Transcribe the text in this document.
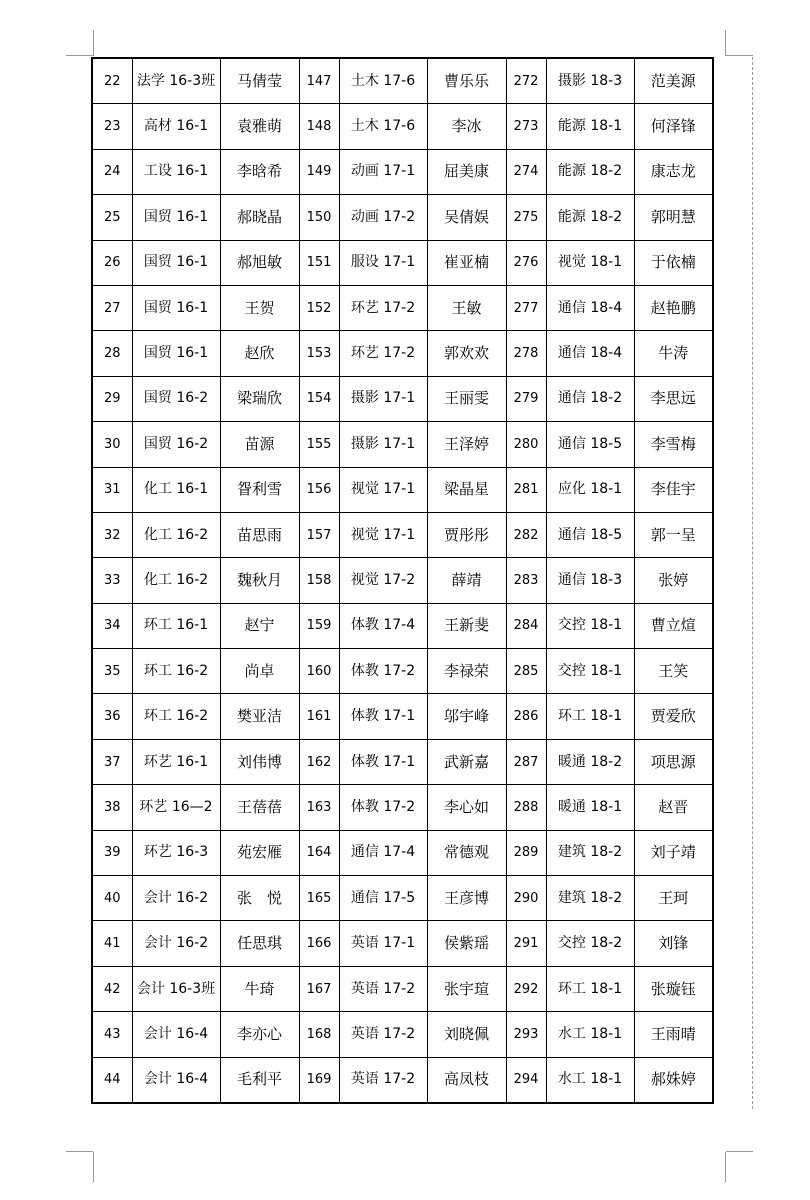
22	法学 16-3班	马倩莹	147	土木 17-6	曹乐乐	272	摄影 18-3	范美源
23	高材 16-1	袁雅萌	148	土木 17-6	李冰	273	能源 18-1	何泽锋
24	工设 16-1	李晗希	149	动画 17-1	屈美康	274	能源 18-2	康志龙
25	国贸 16-1	郝晓晶	150	动画 17-2	吴倩娱	275	能源 18-2	郭明慧
26	国贸 16-1	郝旭敏	151	服设 17-1	崔亚楠	276	视觉 18-1	于依楠
27	国贸 16-1	王贺	152	环艺 17-2	王敏	277	通信 18-4	赵艳鹏
28	国贸 16-1	赵欣	153	环艺 17-2	郭欢欢	278	通信 18-4	牛涛
29	国贸 16-2	梁瑞欣	154	摄影 17-1	王丽雯	279	通信 18-2	李思远
30	国贸 16-2	苗源	155	摄影 17-1	王泽婷	280	通信 18-5	李雪梅
31	化工 16-1	眢利雪	156	视觉 17-1	梁晶星	281	应化 18-1	李佳宇
32	化工 16-2	苗思雨	157	视觉 17-1	贾彤彤	282	通信 18-5	郭一呈
33	化工 16-2	魏秋月	158	视觉 17-2	薛靖	283	通信 18-3	张婷
34	环工 16-1	赵宁	159	体教 17-4	王新斐	284	交控 18-1	曹立煊
35	环工 16-2	尚卓	160	体教 17-2	李禄荣	285	交控 18-1	王笑
36	环工 16-2	樊亚洁	161	体教 17-1	邬宇峰	286	环工 18-1	贾爱欣
37	环艺 16-1	刘伟博	162	体教 17-1	武新嘉	287	暖通 18-2	项思源
38	环艺 16—2	王蓓蓓	163	体教 17-2	李心如	288	暖通 18-1	赵晋
39	环艺 16-3	苑宏雁	164	通信 17-4	常德观	289	建筑 18-2	刘子靖
40	会计 16-2	张　悦	165	通信 17-5	王彦博	290	建筑 18-2	王珂
41	会计 16-2	任思琪	166	英语 17-1	侯紫瑶	291	交控 18-2	刘锋
42	会计 16-3班	牛琦	167	英语 17-2	张宇瑄	292	环工 18-1	张璇钰
43	会计 16-4	李亦心	168	英语 17-2	刘晓佩	293	水工 18-1	王雨晴
44	会计 16-4	毛利平	169	英语 17-2	高凤枝	294	水工 18-1	郝姝婷
